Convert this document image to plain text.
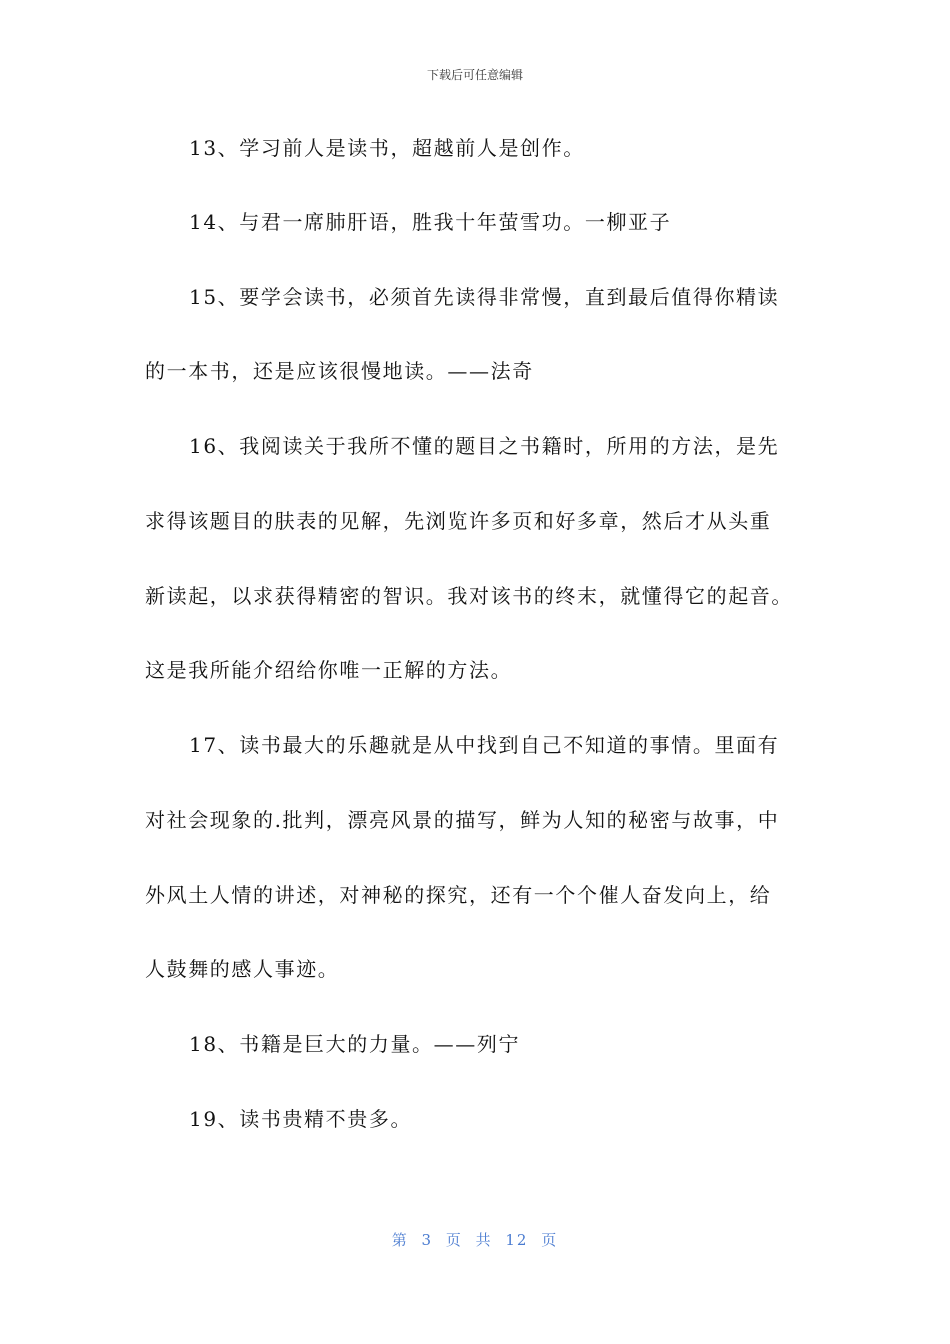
下载后可任意编辑
13、学习前人是读书，超越前人是创作。
14、与君一席肺肝语，胜我十年萤雪功。一柳亚子
15、要学会读书，必须首先读得非常慢，直到最后值得你精读
的一本书，还是应该很慢地读。——法奇
16、我阅读关于我所不懂的题目之书籍时，所用的方法，是先
求得该题目的肤表的见解，先浏览许多页和好多章，然后才从头重
新读起，以求获得精密的智识。我对该书的终末，就懂得它的起音。
这是我所能介绍给你唯一正解的方法。
17、读书最大的乐趣就是从中找到自己不知道的事情。里面有
对社会现象的.批判，漂亮风景的描写，鲜为人知的秘密与故事，中
外风土人情的讲述，对神秘的探究，还有一个个催人奋发向上，给
人鼓舞的感人事迹。
18、书籍是巨大的力量。——列宁
19、读书贵精不贵多。
第 3 页 共 12 页
